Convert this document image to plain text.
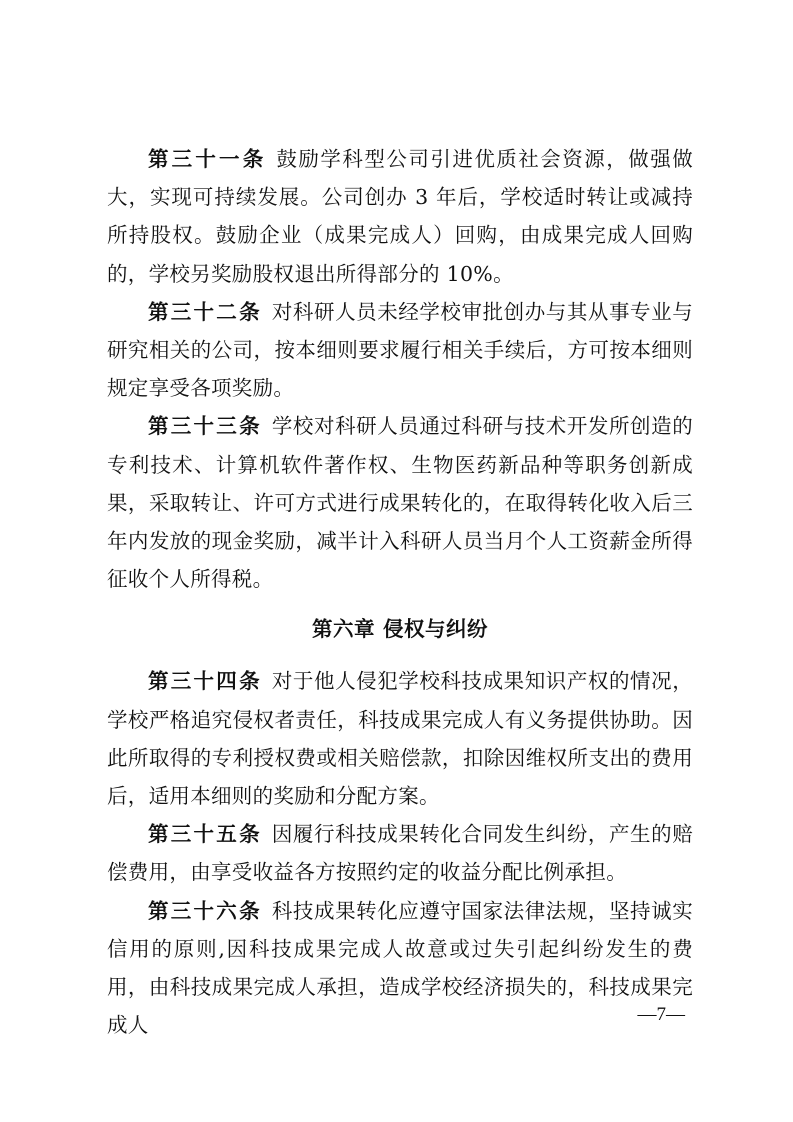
第三十一条 鼓励学科型公司引进优质社会资源，做强做大，实现可持续发展。公司创办 3 年后，学校适时转让或减持所持股权。鼓励企业（成果完成人）回购，由成果完成人回购的，学校另奖励股权退出所得部分的 10%。

第三十二条 对科研人员未经学校审批创办与其从事专业与研究相关的公司，按本细则要求履行相关手续后，方可按本细则规定享受各项奖励。

第三十三条 学校对科研人员通过科研与技术开发所创造的专利技术、计算机软件著作权、生物医药新品种等职务创新成果，采取转让、许可方式进行成果转化的，在取得转化收入后三年内发放的现金奖励，减半计入科研人员当月个人工资薪金所得征收个人所得税。

第六章 侵权与纠纷

第三十四条 对于他人侵犯学校科技成果知识产权的情况，学校严格追究侵权者责任，科技成果完成人有义务提供协助。因此所取得的专利授权费或相关赔偿款，扣除因维权所支出的费用后，适用本细则的奖励和分配方案。

第三十五条 因履行科技成果转化合同发生纠纷，产生的赔偿费用，由享受收益各方按照约定的收益分配比例承担。

第三十六条 科技成果转化应遵守国家法律法规，坚持诚实信用的原则,因科技成果完成人故意或过失引起纠纷发生的费用，由科技成果完成人承担，造成学校经济损失的，科技成果完成人	—7—
